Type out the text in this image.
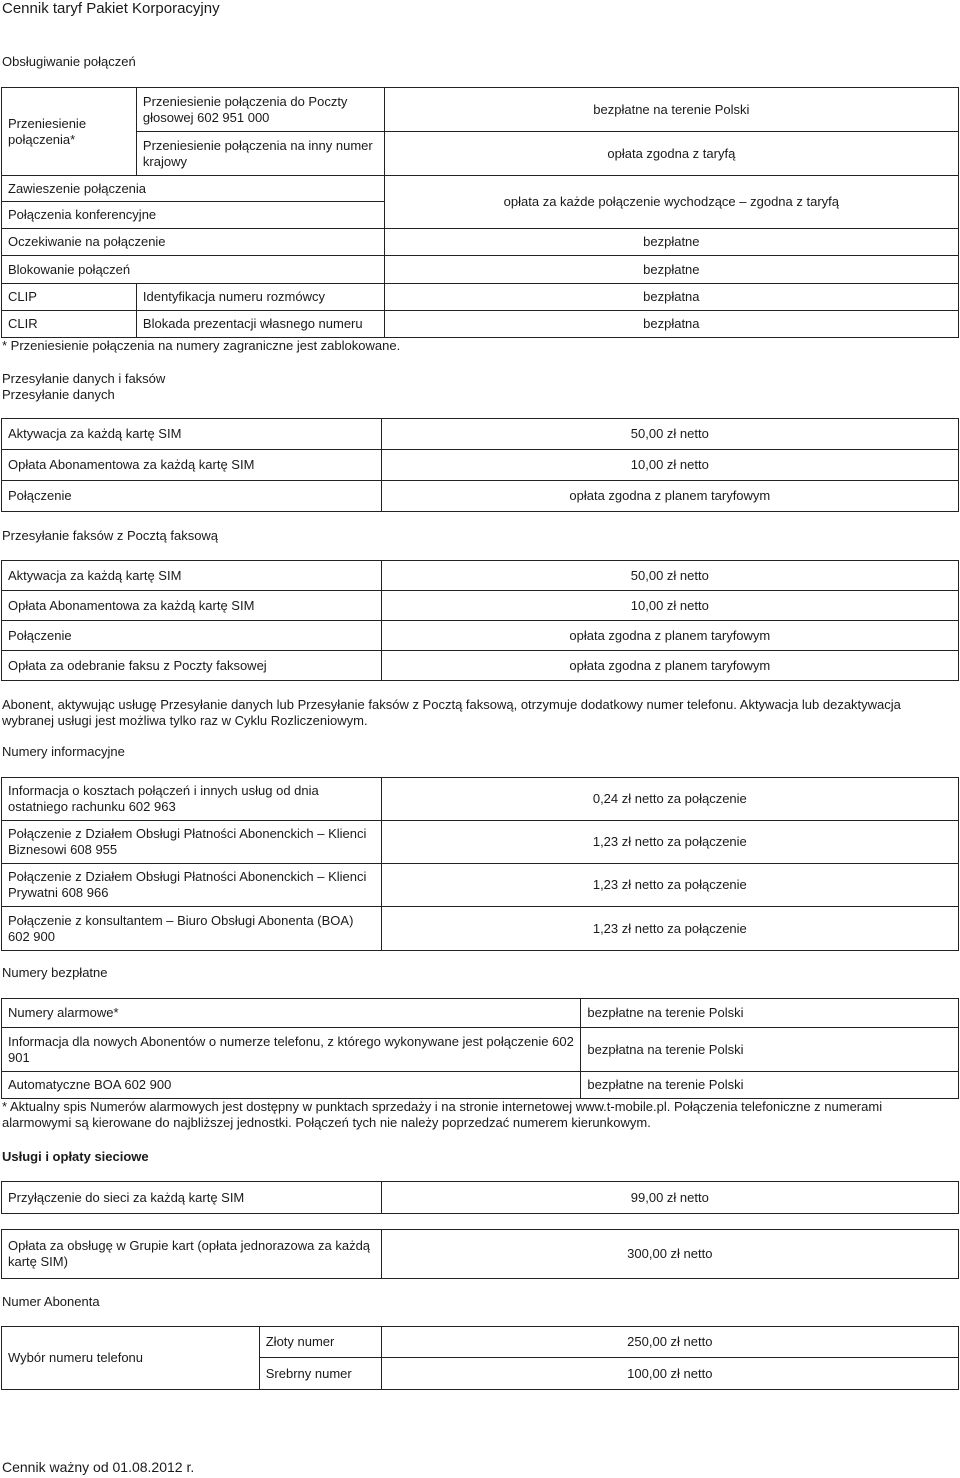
Cennik taryf Pakiet Korporacyjny
Obsługiwanie połączeń
Przeniesienie połączenia*	Przeniesienie połączenia do Poczty głosowej 602 951 000	bezpłatne na terenie Polski
	Przeniesienie połączenia na inny numer krajowy	opłata zgodna z taryfą
Zawieszenie połączenia		opłata za każde połączenie wychodzące – zgodna z taryfą
Połączenia konferencyjne		
Oczekiwanie na połączenie		bezpłatne
Blokowanie połączeń		bezpłatne
CLIP	Identyfikacja numeru rozmówcy	bezpłatna
CLIR	Blokada prezentacji własnego numeru	bezpłatna
* Przeniesienie połączenia na numery zagraniczne jest zablokowane.
Przesyłanie danych i faksów
Przesyłanie danych
Aktywacja za każdą kartę SIM	50,00 zł netto
Opłata Abonamentowa za każdą kartę SIM	10,00 zł netto
Połączenie	opłata zgodna z planem taryfowym
Przesyłanie faksów z Pocztą faksową
Aktywacja za każdą kartę SIM	50,00 zł netto
Opłata Abonamentowa za każdą kartę SIM	10,00 zł netto
Połączenie	opłata zgodna z planem taryfowym
Opłata za odebranie faksu z Poczty faksowej	opłata zgodna z planem taryfowym
Abonent, aktywując usługę Przesyłanie danych lub Przesyłanie faksów z Pocztą faksową, otrzymuje dodatkowy numer telefonu. Aktywacja lub dezaktywacja wybranej usługi jest możliwa tylko raz w Cyklu Rozliczeniowym.
Numery informacyjne
Informacja o kosztach połączeń i innych usług od dnia ostatniego rachunku 602 963	0,24 zł netto za połączenie
Połączenie z Działem Obsługi Płatności Abonenckich – Klienci Biznesowi 608 955	1,23 zł netto za połączenie
Połączenie z Działem Obsługi Płatności Abonenckich – Klienci Prywatni 608 966	1,23 zł netto za połączenie
Połączenie z konsultantem – Biuro Obsługi Abonenta (BOA) 602 900	1,23 zł netto za połączenie
Numery bezpłatne
Numery alarmowe*	bezpłatne na terenie Polski
Informacja dla nowych Abonentów o numerze telefonu, z którego wykonywane jest połączenie 602 901	bezpłatna na terenie Polski
Automatyczne BOA 602 900	bezpłatne na terenie Polski
* Aktualny spis Numerów alarmowych jest dostępny w punktach sprzedaży i na stronie internetowej www.t-mobile.pl. Połączenia telefoniczne z numerami alarmowymi są kierowane do najbliższej jednostki. Połączeń tych nie należy poprzedzać numerem kierunkowym.
Usługi i opłaty sieciowe
Przyłączenie do sieci za każdą kartę SIM	99,00 zł netto
Opłata za obsługę w Grupie kart (opłata jednorazowa za każdą kartę SIM)	300,00 zł netto
Numer Abonenta
Wybór numeru telefonu	Złoty numer	250,00 zł netto
	Srebrny numer	100,00 zł netto
Cennik ważny od 01.08.2012 r.
